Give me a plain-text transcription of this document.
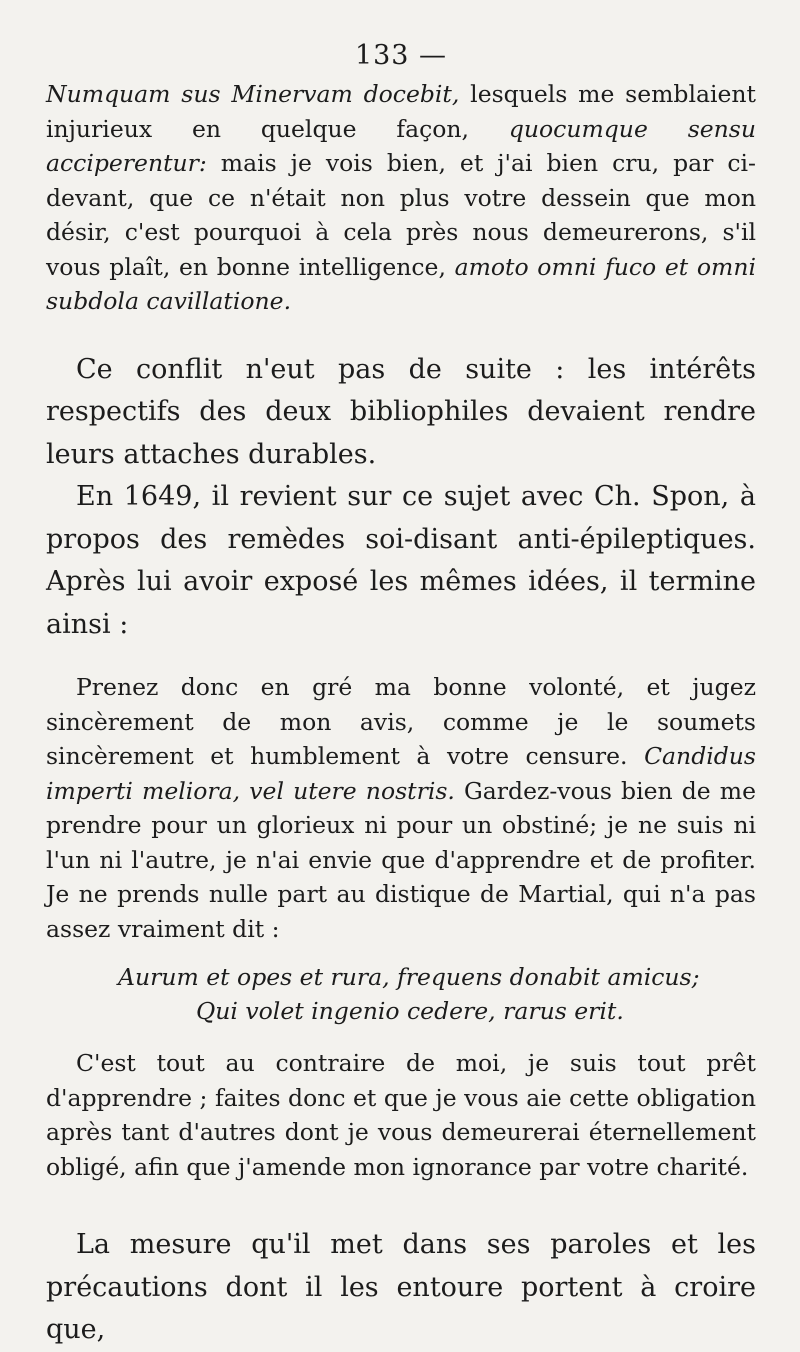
133 —

Numquam sus Minervam docebit, lesquels me semblaient injurieux en quelque façon, quocumque sensu acciperentur: mais je vois bien, et j'ai bien cru, par ci-devant, que ce n'était non plus votre dessein que mon désir, c'est pourquoi à cela près nous demeurerons, s'il vous plaît, en bonne intelligence, amoto omni fuco et omni subdola cavillatione.

Ce conflit n'eut pas de suite : les intérêts respectifs des deux bibliophiles devaient rendre leurs attaches durables.

En 1649, il revient sur ce sujet avec Ch. Spon, à propos des remèdes soi-disant anti-épileptiques. Après lui avoir exposé les mêmes idées, il termine ainsi :

Prenez donc en gré ma bonne volonté, et jugez sincèrement de mon avis, comme je le soumets sincèrement et humblement à votre censure. Candidus imperti meliora, vel utere nostris. Gardez-vous bien de me prendre pour un glorieux ni pour un obstiné; je ne suis ni l'un ni l'autre, je n'ai envie que d'apprendre et de profiter. Je ne prends nulle part au distique de Martial, qui n'a pas assez vraiment dit :

Aurum et opes et rura, frequens donabit amicus;
Qui volet ingenio cedere, rarus erit.

C'est tout au contraire de moi, je suis tout prêt d'apprendre ; faites donc et que je vous aie cette obligation après tant d'autres dont je vous demeurerai éternellement obligé, afin que j'amende mon ignorance par votre charité.

La mesure qu'il met dans ses paroles et les précautions dont il les entoure portent à croire que,
